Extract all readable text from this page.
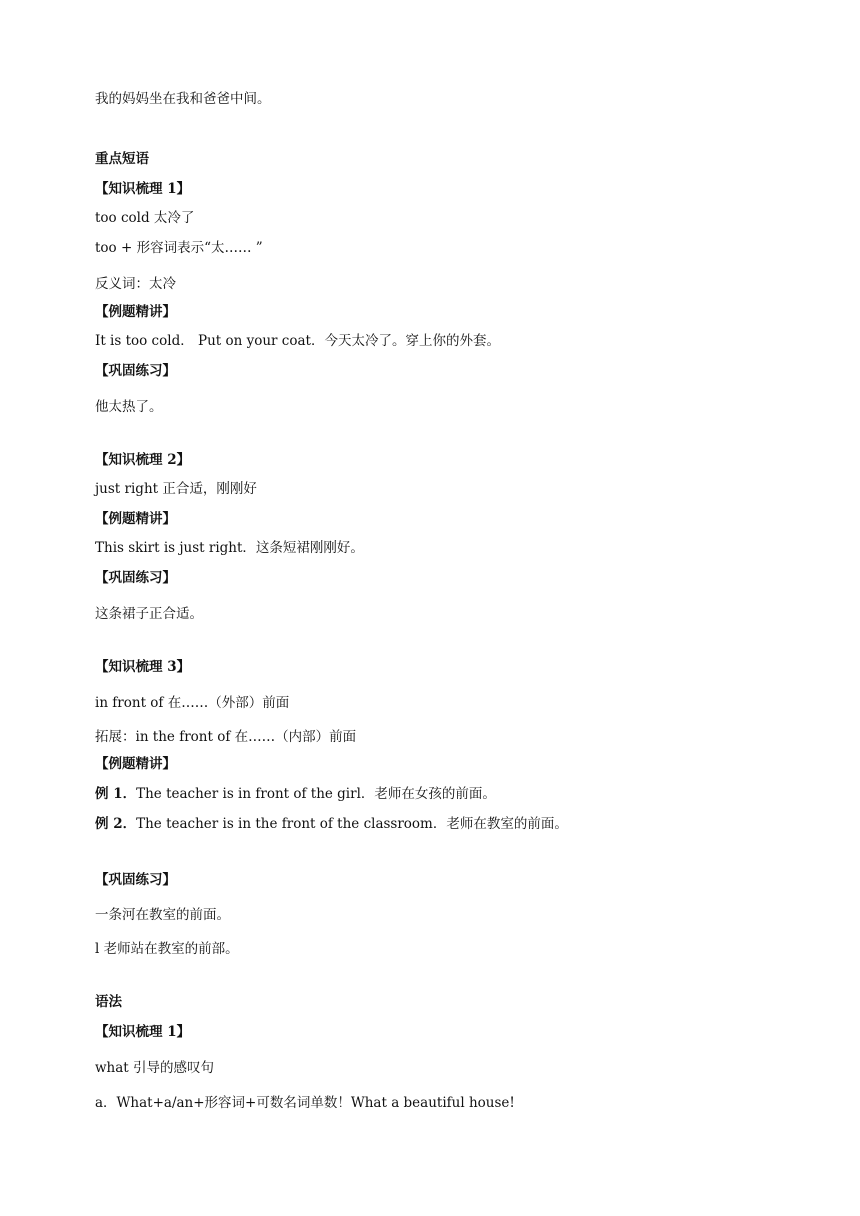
我的妈妈坐在我和爸爸中间。
重点短语
【知识梳理 1】
too cold 太冷了
too + 形容词表示“太…… ”
反义词：太冷
【例题精讲】
It is too cold． Put on your coat．今天太冷了。穿上你的外套。
【巩固练习】
他太热了。
【知识梳理 2】
just right 正合适，刚刚好
【例题精讲】
This skirt is just right．这条短裙刚刚好。
【巩固练习】
这条裙子正合适。
【知识梳理 3】
in front of 在……（外部）前面
拓展：in the front of 在……（内部）前面
【例题精讲】
例 1．The teacher is in front of the girl．老师在女孩的前面。
例 2．The teacher is in the front of the classroom．老师在教室的前面。
【巩固练习】
一条河在教室的前面。
l 老师站在教室的前部。
语法
【知识梳理 1】
what 引导的感叹句
a．What+a/an+形容词+可数名词单数！What a beautiful house!
